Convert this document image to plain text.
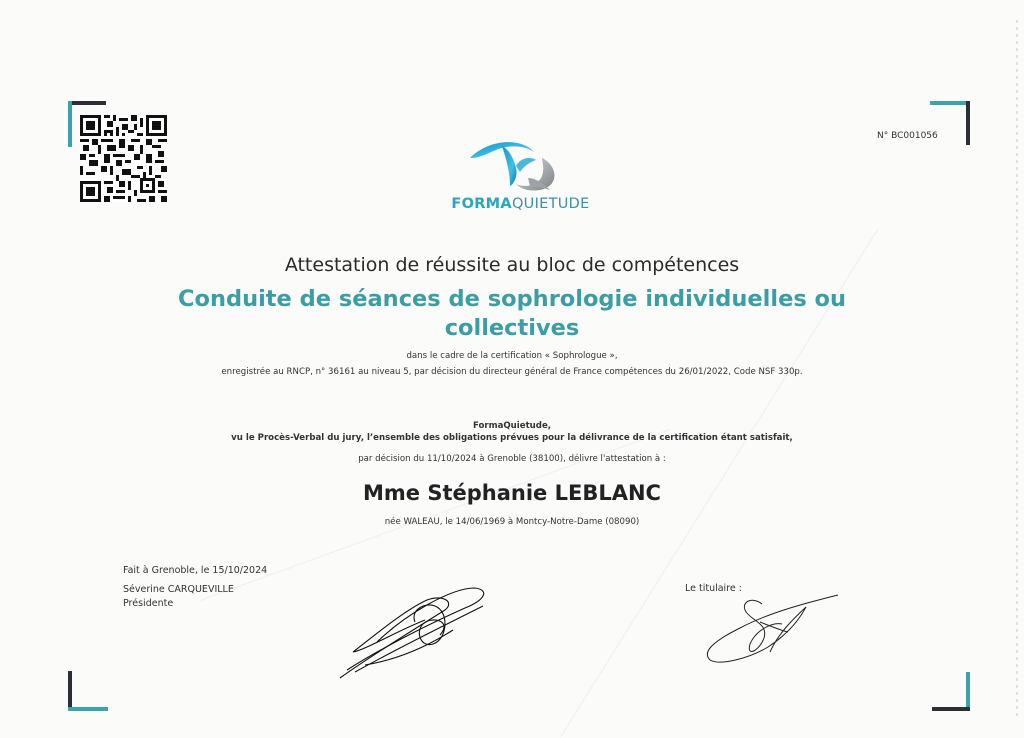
N° BC001056
FORMAQUIETUDE
Attestation de réussite au bloc de compétences
Conduite de séances de sophrologie individuelles ou collectives
dans le cadre de la certification « Sophrologue »,
enregistrée au RNCP, n° 36161 au niveau 5, par décision du directeur général de France compétences du 26/01/2022, Code NSF 330p.
FormaQuietude,
vu le Procès-Verbal du jury, l’ensemble des obligations prévues pour la délivrance de la certification étant satisfait,
par décision du 11/10/2024 à Grenoble (38100), délivre l'attestation à :
Mme Stéphanie LEBLANC
née WALEAU, le 14/06/1969 à Montcy-Notre-Dame (08090)
Fait à Grenoble, le 15/10/2024
Séverine CARQUEVILLE
Présidente
Le titulaire :
